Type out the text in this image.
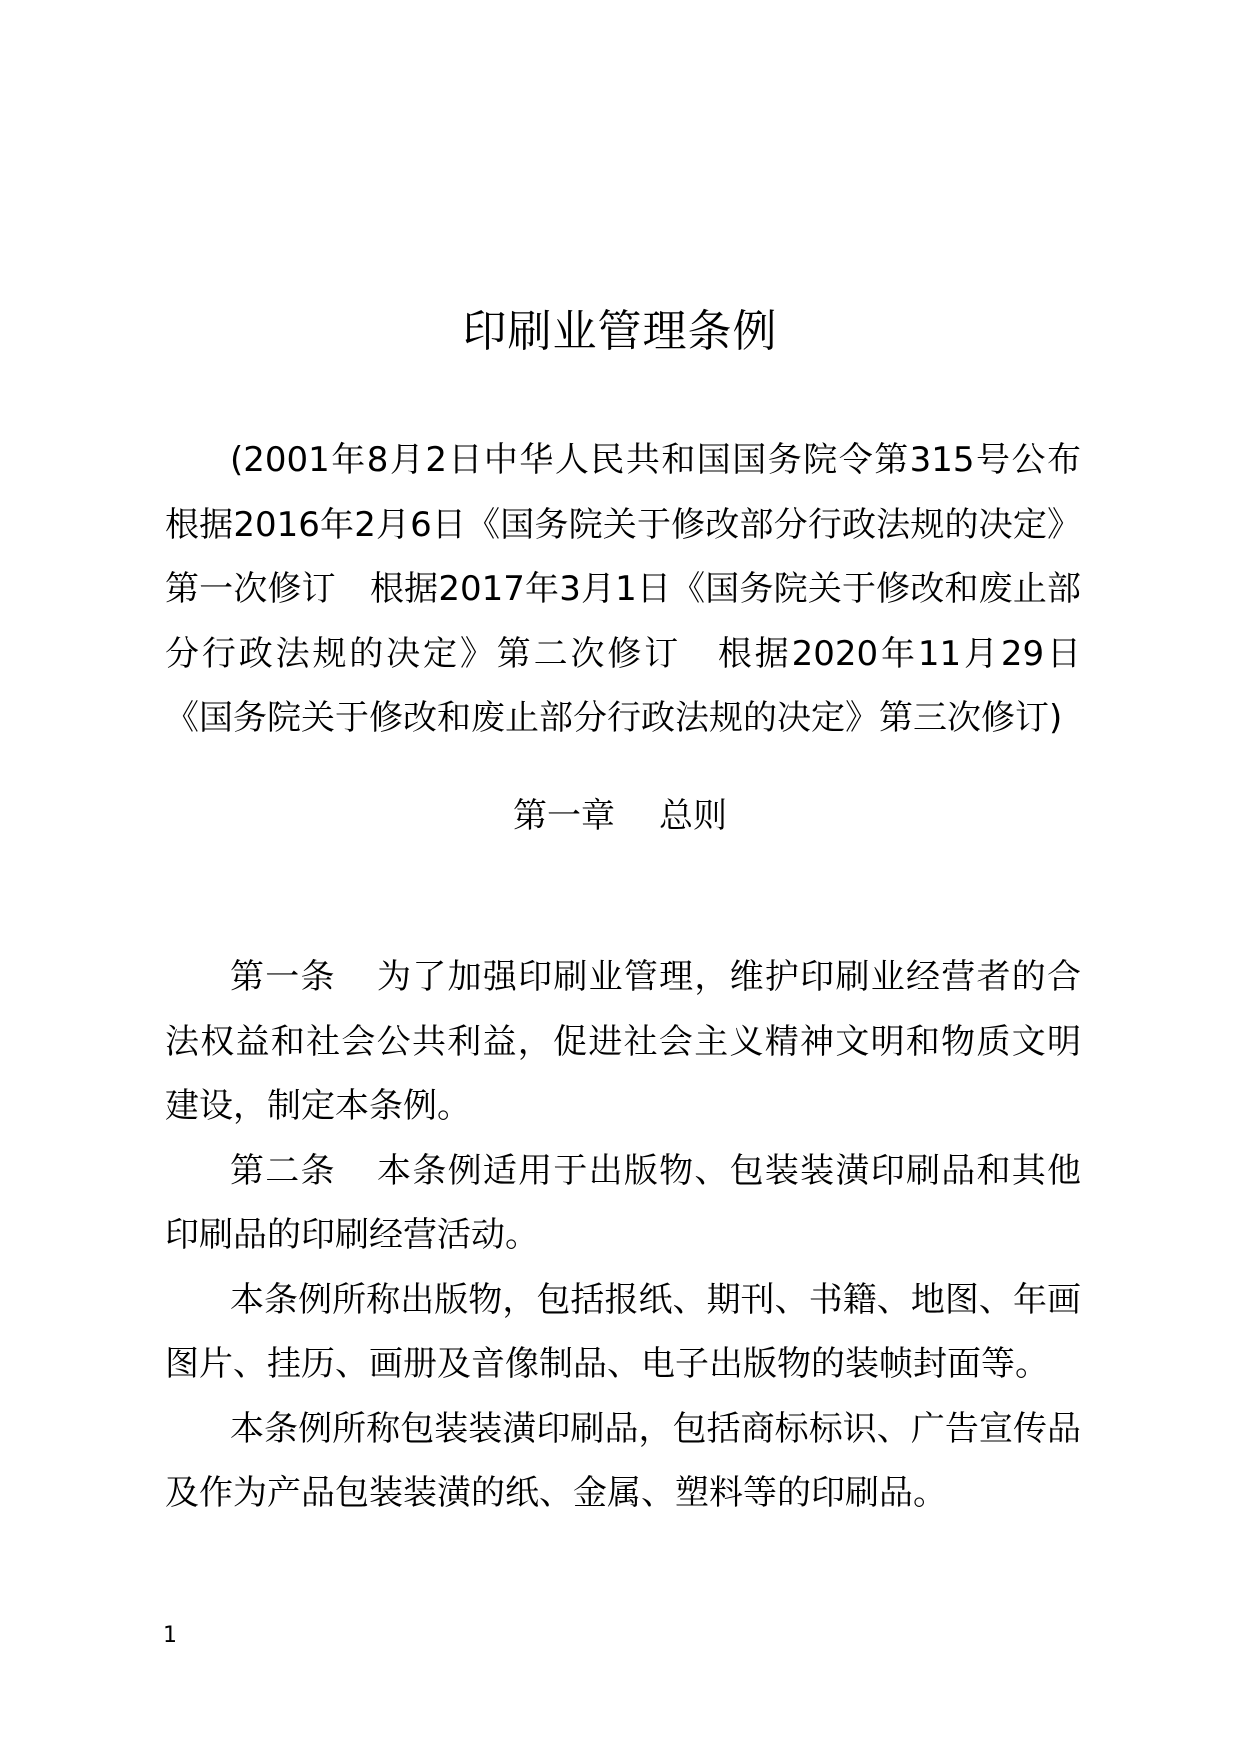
印刷业管理条例

(2001年8月2日中华人民共和国国务院令第315号公布　根据2016年2月6日《国务院关于修改部分行政法规的决定》第一次修订　根据2017年3月1日《国务院关于修改和废止部分行政法规的决定》第二次修订　根据2020年11月29日《国务院关于修改和废止部分行政法规的决定》第三次修订)

第一章 总则

第一条 为了加强印刷业管理，维护印刷业经营者的合法权益和社会公共利益，促进社会主义精神文明和物质文明建设，制定本条例。

第二条 本条例适用于出版物、包装装潢印刷品和其他印刷品的印刷经营活动。

本条例所称出版物，包括报纸、期刊、书籍、地图、年画图片、挂历、画册及音像制品、电子出版物的装帧封面等。

本条例所称包装装潢印刷品，包括商标标识、广告宣传品及作为产品包装装潢的纸、金属、塑料等的印刷品。

1
